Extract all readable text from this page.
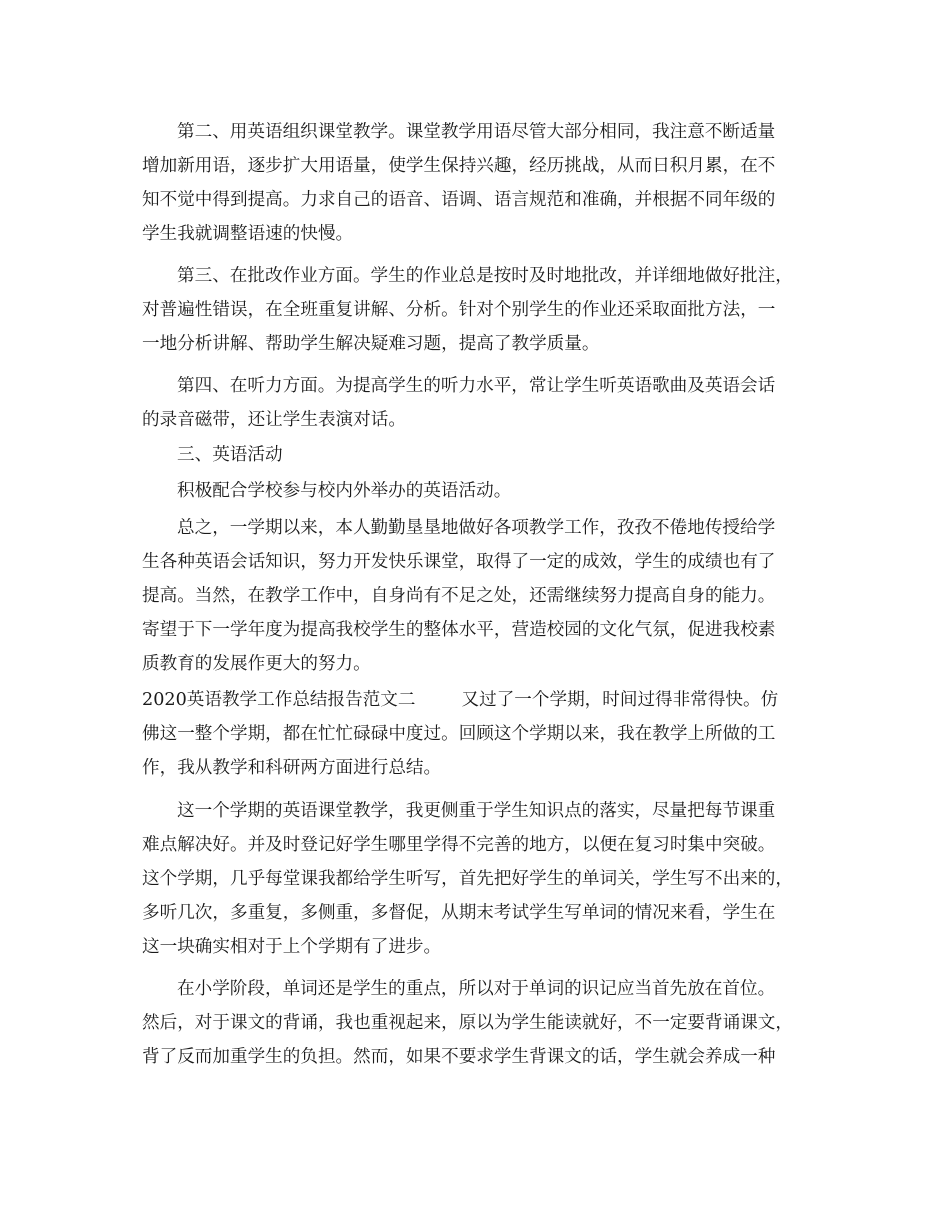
第二、用英语组织课堂教学。课堂教学用语尽管大部分相同，我注意不断适量
增加新用语，逐步扩大用语量，使学生保持兴趣，经历挑战，从而日积月累，在不
知不觉中得到提高。力求自己的语音、语调、语言规范和准确，并根据不同年级的
学生我就调整语速的快慢。
第三、在批改作业方面。学生的作业总是按时及时地批改，并详细地做好批注，
对普遍性错误，在全班重复讲解、分析。针对个别学生的作业还采取面批方法，一
一地分析讲解、帮助学生解决疑难习题，提高了教学质量。
第四、在听力方面。为提高学生的听力水平，常让学生听英语歌曲及英语会话
的录音磁带，还让学生表演对话。
三、英语活动
积极配合学校参与校内外举办的英语活动。
总之，一学期以来，本人勤勤垦垦地做好各项教学工作，孜孜不倦地传授给学
生各种英语会话知识，努力开发快乐课堂，取得了一定的成效，学生的成绩也有了
提高。当然，在教学工作中，自身尚有不足之处，还需继续努力提高自身的能力。
寄望于下一学年度为提高我校学生的整体水平，营造校园的文化气氛，促进我校素
质教育的发展作更大的努力。
2020英语教学工作总结报告范文二	又过了一个学期，时间过得非常得快。仿
佛这一整个学期，都在忙忙碌碌中度过。回顾这个学期以来，我在教学上所做的工
作，我从教学和科研两方面进行总结。
这一个学期的英语课堂教学，我更侧重于学生知识点的落实，尽量把每节课重
难点解决好。并及时登记好学生哪里学得不完善的地方，以便在复习时集中突破。
这个学期，几乎每堂课我都给学生听写，首先把好学生的单词关，学生写不出来的，
多听几次，多重复，多侧重，多督促，从期末考试学生写单词的情况来看，学生在
这一块确实相对于上个学期有了进步。
在小学阶段，单词还是学生的重点，所以对于单词的识记应当首先放在首位。
然后，对于课文的背诵，我也重视起来，原以为学生能读就好，不一定要背诵课文，
背了反而加重学生的负担。然而，如果不要求学生背课文的话，学生就会养成一种
